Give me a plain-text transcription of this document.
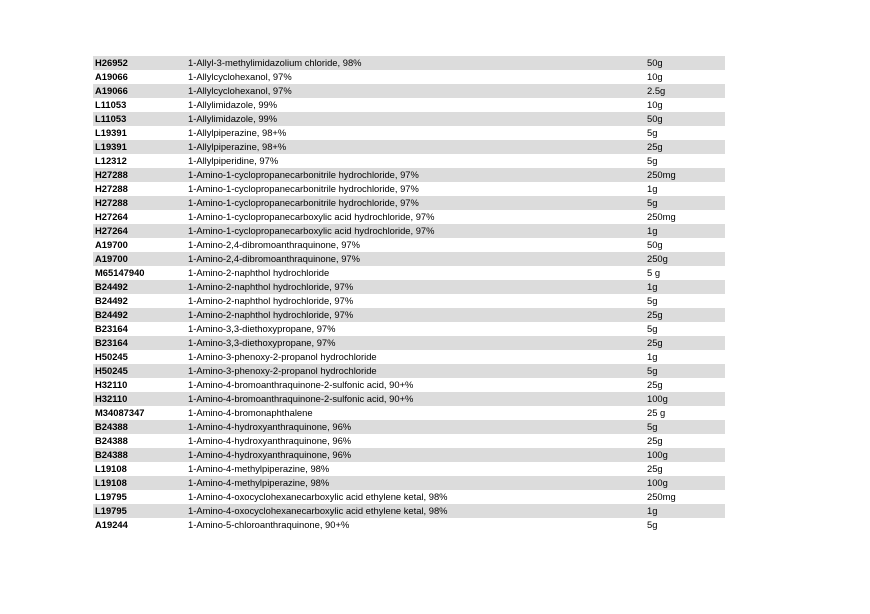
H26952	1-Allyl-3-methylimidazolium chloride, 98%	50g
A19066	1-Allylcyclohexanol, 97%	10g
A19066	1-Allylcyclohexanol, 97%	2.5g
L11053	1-Allylimidazole, 99%	10g
L11053	1-Allylimidazole, 99%	50g
L19391	1-Allylpiperazine, 98+%	5g
L19391	1-Allylpiperazine, 98+%	25g
L12312	1-Allylpiperidine, 97%	5g
H27288	1-Amino-1-cyclopropanecarbonitrile hydrochloride, 97%	250mg
H27288	1-Amino-1-cyclopropanecarbonitrile hydrochloride, 97%	1g
H27288	1-Amino-1-cyclopropanecarbonitrile hydrochloride, 97%	5g
H27264	1-Amino-1-cyclopropanecarboxylic acid hydrochloride, 97%	250mg
H27264	1-Amino-1-cyclopropanecarboxylic acid hydrochloride, 97%	1g
A19700	1-Amino-2,4-dibromoanthraquinone, 97%	50g
A19700	1-Amino-2,4-dibromoanthraquinone, 97%	250g
M65147940	1-Amino-2-naphthol hydrochloride	5 g
B24492	1-Amino-2-naphthol hydrochloride, 97%	1g
B24492	1-Amino-2-naphthol hydrochloride, 97%	5g
B24492	1-Amino-2-naphthol hydrochloride, 97%	25g
B23164	1-Amino-3,3-diethoxypropane, 97%	5g
B23164	1-Amino-3,3-diethoxypropane, 97%	25g
H50245	1-Amino-3-phenoxy-2-propanol hydrochloride	1g
H50245	1-Amino-3-phenoxy-2-propanol hydrochloride	5g
H32110	1-Amino-4-bromoanthraquinone-2-sulfonic acid, 90+%	25g
H32110	1-Amino-4-bromoanthraquinone-2-sulfonic acid, 90+%	100g
M34087347	1-Amino-4-bromonaphthalene	25 g
B24388	1-Amino-4-hydroxyanthraquinone, 96%	5g
B24388	1-Amino-4-hydroxyanthraquinone, 96%	25g
B24388	1-Amino-4-hydroxyanthraquinone, 96%	100g
L19108	1-Amino-4-methylpiperazine, 98%	25g
L19108	1-Amino-4-methylpiperazine, 98%	100g
L19795	1-Amino-4-oxocyclohexanecarboxylic acid ethylene ketal, 98%	250mg
L19795	1-Amino-4-oxocyclohexanecarboxylic acid ethylene ketal, 98%	1g
A19244	1-Amino-5-chloroanthraquinone, 90+%	5g
